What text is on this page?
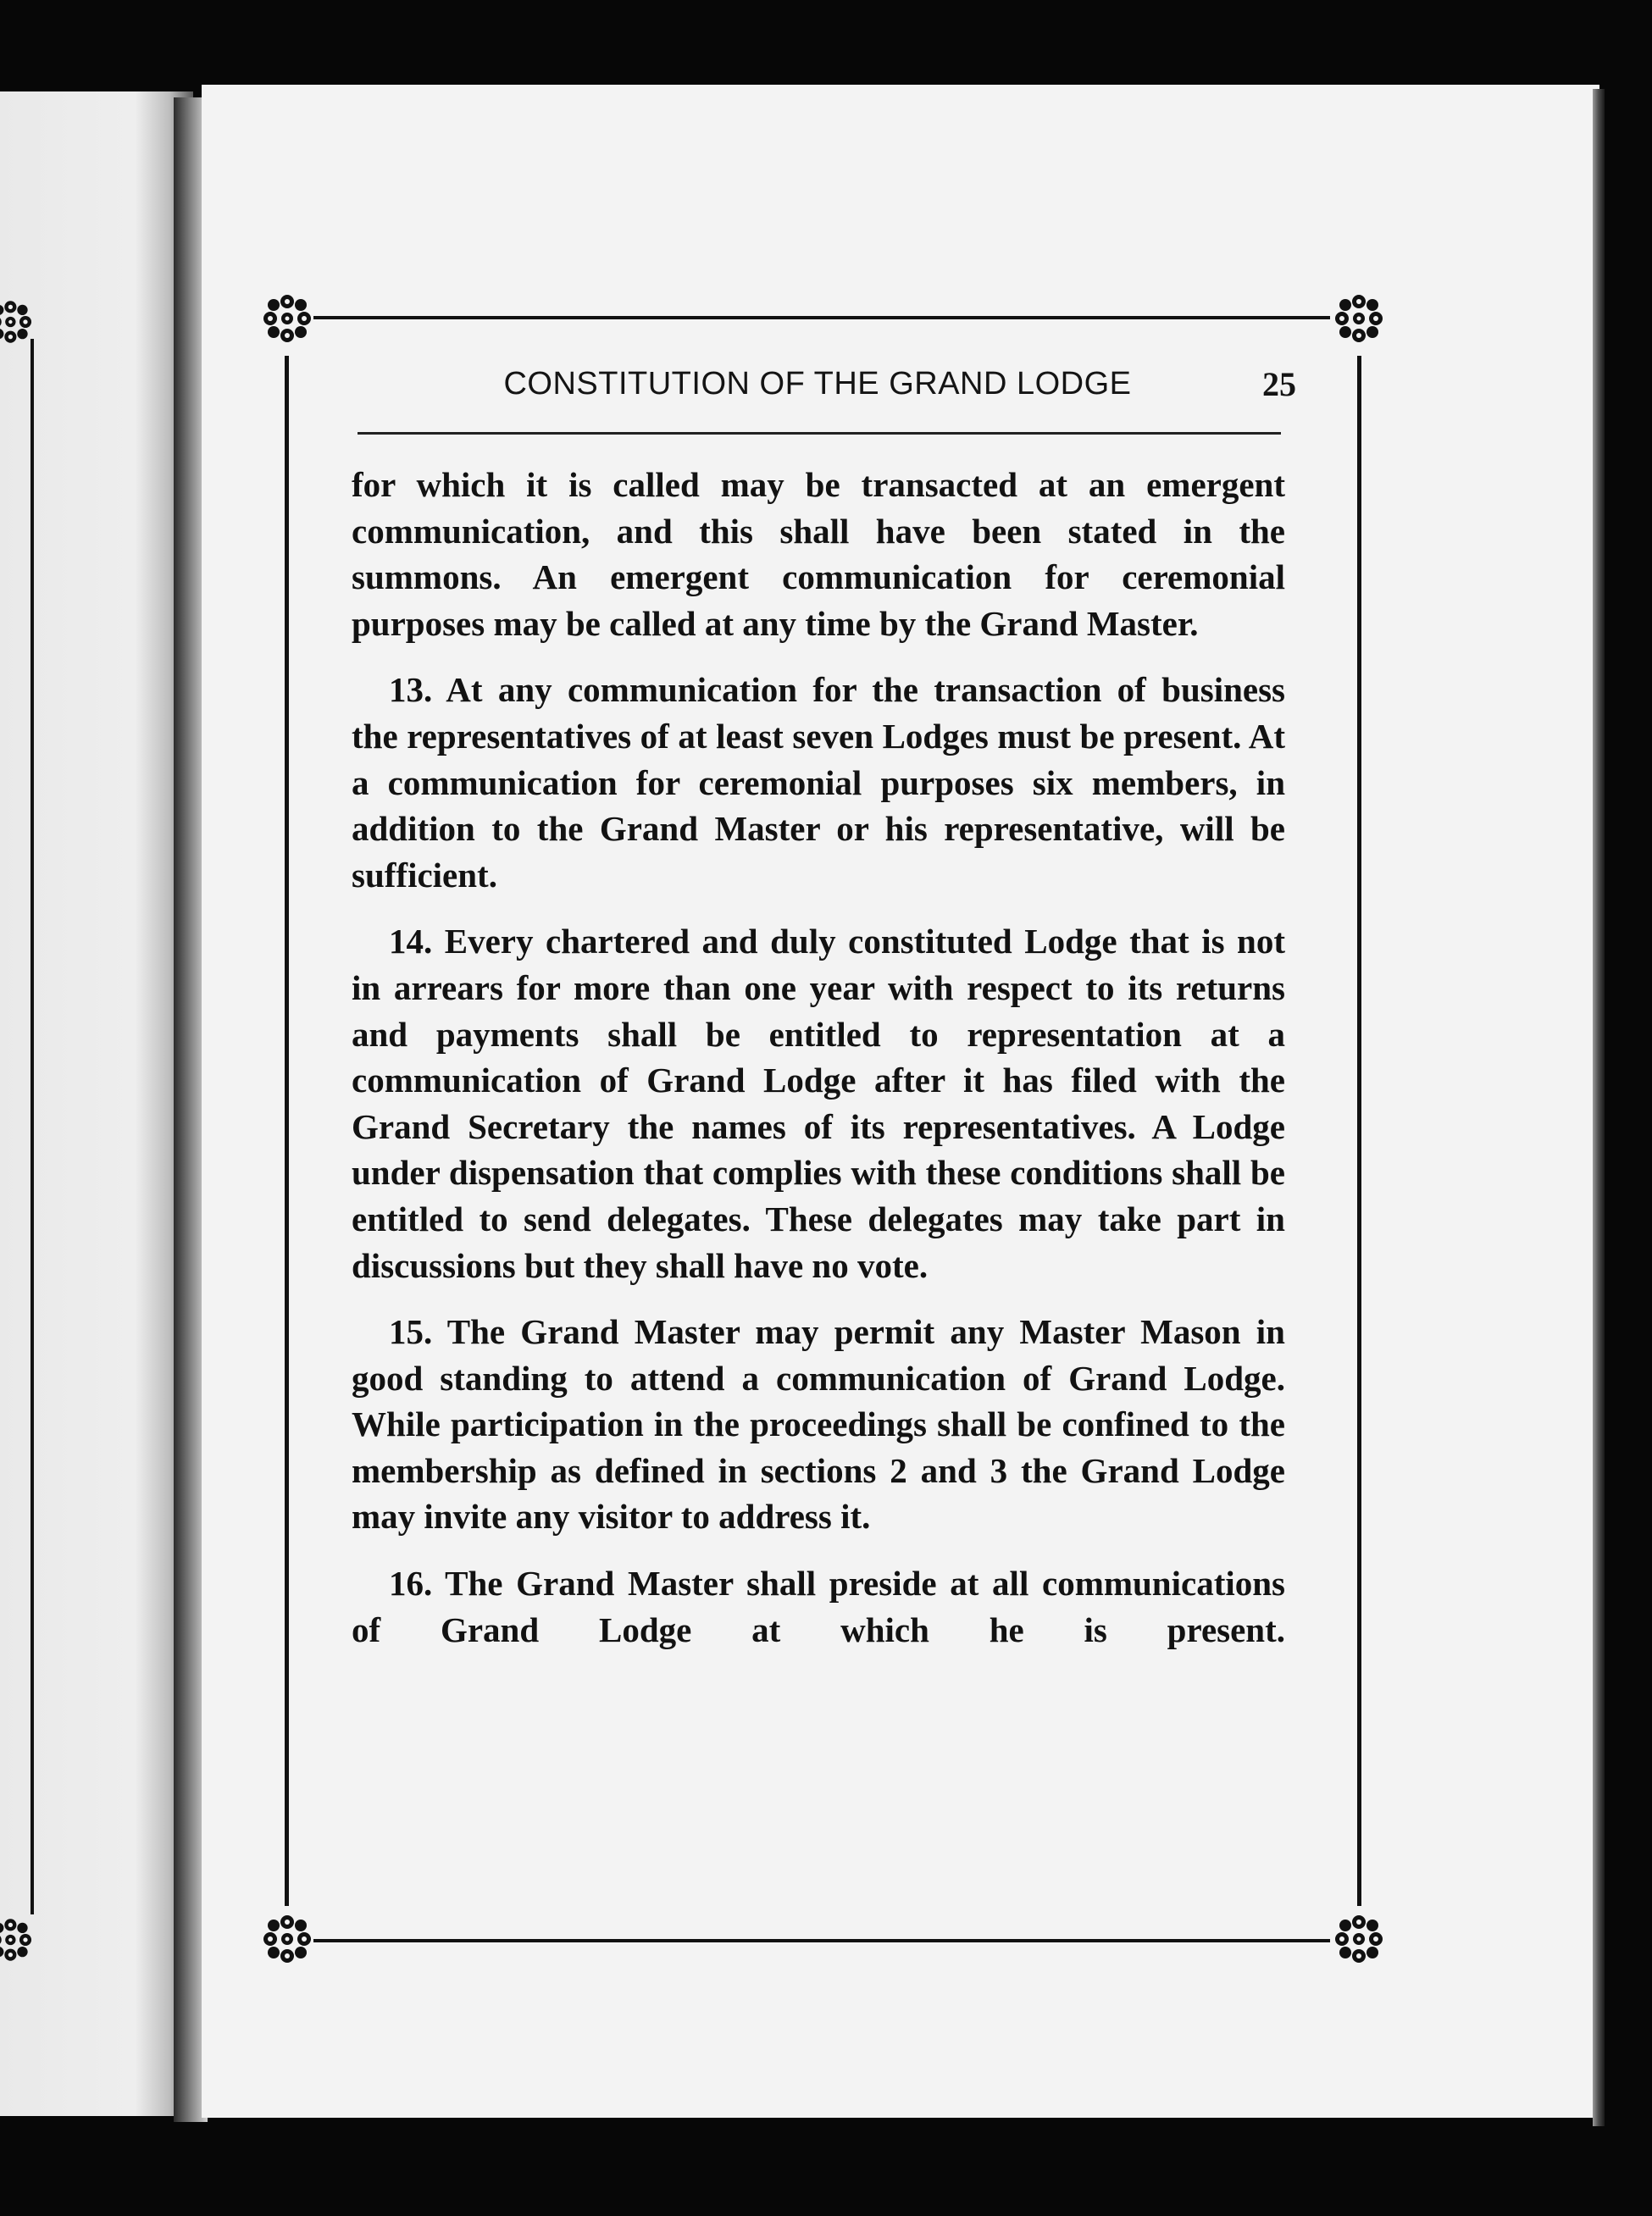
CONSTITUTION OF THE GRAND LODGE	25

for which it is called may be transacted at an emergent communication, and this shall have been stated in the summons. An emergent communication for ceremonial purposes may be called at any time by the Grand Master.

13. At any communication for the transaction of business the representatives of at least seven Lodges must be present. At a communication for ceremonial purposes six members, in addition to the Grand Master or his representative, will be sufficient.

14. Every chartered and duly constituted Lodge that is not in arrears for more than one year with respect to its returns and payments shall be entitled to representation at a communication of Grand Lodge after it has filed with the Grand Secretary the names of its representatives. A Lodge under dispensation that complies with these conditions shall be entitled to send delegates. These delegates may take part in discussions but they shall have no vote.

15. The Grand Master may permit any Master Mason in good standing to attend a communication of Grand Lodge. While participation in the proceedings shall be confined to the membership as defined in sections 2 and 3 the Grand Lodge may invite any visitor to address it.

16. The Grand Master shall preside at all communications of Grand Lodge at which he is present.
